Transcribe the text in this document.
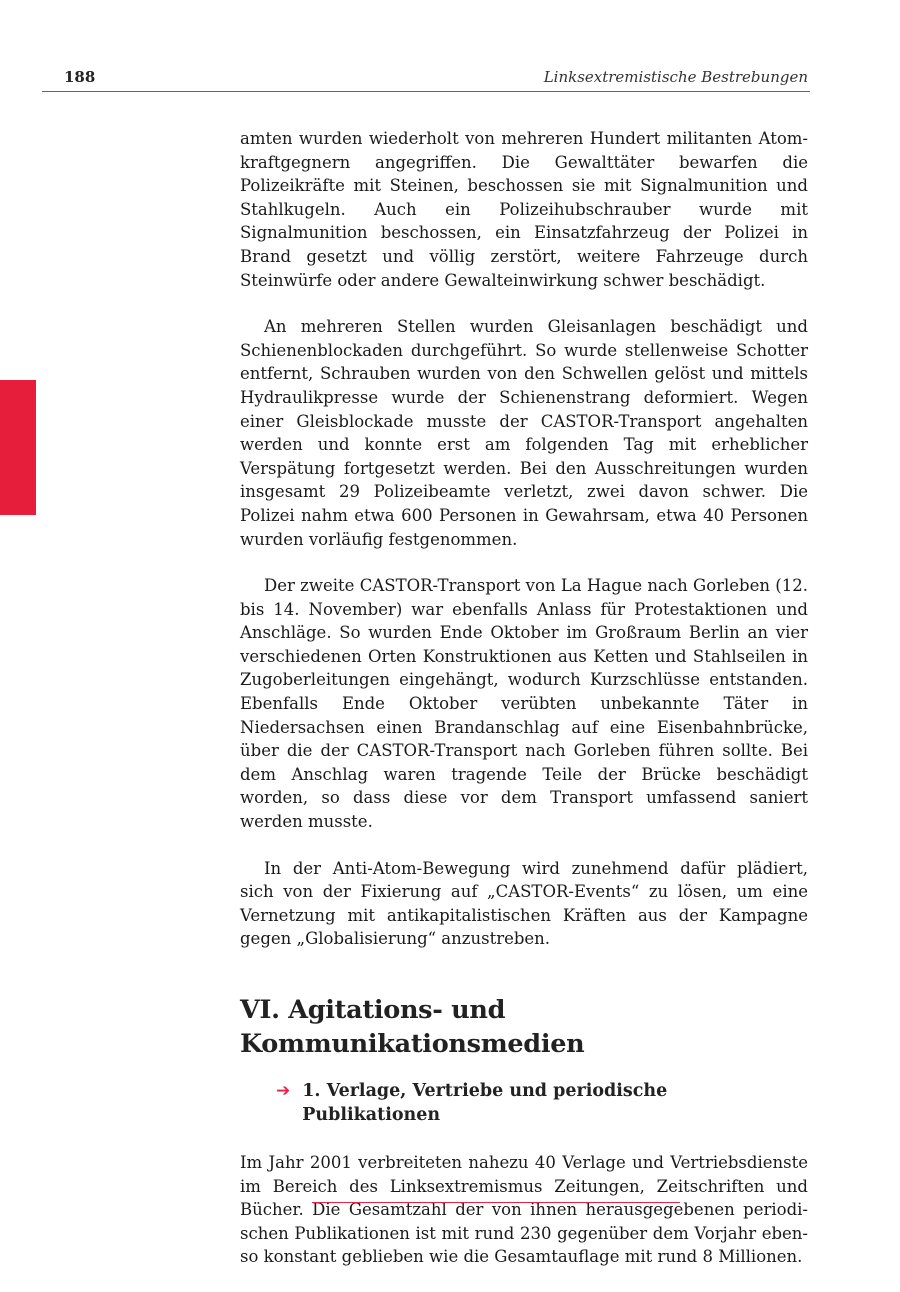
188	Linksextremistische Bestrebungen

amten wurden wiederholt von mehreren Hundert militanten Atomkraftgegnern angegriffen. Die Gewalttäter bewarfen die Polizeikräfte mit Steinen, beschossen sie mit Signalmunition und Stahlkugeln. Auch ein Polizeihubschrauber wurde mit Signalmunition beschossen, ein Einsatzfahrzeug der Polizei in Brand gesetzt und völlig zerstört, weitere Fahrzeuge durch Steinwürfe oder andere Gewalteinwirkung schwer beschädigt.

An mehreren Stellen wurden Gleisanlagen beschädigt und Schienenblockaden durchgeführt. So wurde stellenweise Schotter entfernt, Schrauben wurden von den Schwellen gelöst und mittels Hydraulikpresse wurde der Schienenstrang deformiert. Wegen einer Gleisblockade musste der CASTOR-Transport angehalten werden und konnte erst am folgenden Tag mit erheblicher Verspätung fortgesetzt werden. Bei den Ausschreitungen wurden insgesamt 29 Polizeibeamte verletzt, zwei davon schwer. Die Polizei nahm etwa 600 Personen in Gewahrsam, etwa 40 Personen wurden vorläufig festgenommen.

Der zweite CASTOR-Transport von La Hague nach Gorleben (12. bis 14. November) war ebenfalls Anlass für Protestaktionen und Anschläge. So wurden Ende Oktober im Großraum Berlin an vier verschiedenen Orten Konstruktionen aus Ketten und Stahlseilen in Zugoberleitungen eingehängt, wodurch Kurzschlüsse entstanden. Ebenfalls Ende Oktober verübten unbekannte Täter in Niedersachsen einen Brandanschlag auf eine Eisenbahnbrücke, über die der CASTOR-Transport nach Gorleben führen sollte. Bei dem Anschlag waren tragende Teile der Brücke beschädigt worden, so dass diese vor dem Transport umfassend saniert werden musste.

In der Anti-Atom-Bewegung wird zunehmend dafür plädiert, sich von der Fixierung auf „CASTOR-Events“ zu lösen, um eine Vernetzung mit antikapitalistischen Kräften aus der Kampagne gegen „Globalisierung“ anzustreben.

VI. Agitations- und Kommunikationsmedien
➔ 1. Verlage, Vertriebe und periodische Publikationen

Im Jahr 2001 verbreiteten nahezu 40 Verlage und Vertriebsdienste im Bereich des Linksextremismus Zeitungen, Zeitschriften und Bücher. Die Gesamtzahl der von ihnen herausgegebenen periodischen Publikationen ist mit rund 230 gegenüber dem Vorjahr ebenso konstant geblieben wie die Gesamtauflage mit rund 8 Millionen.
